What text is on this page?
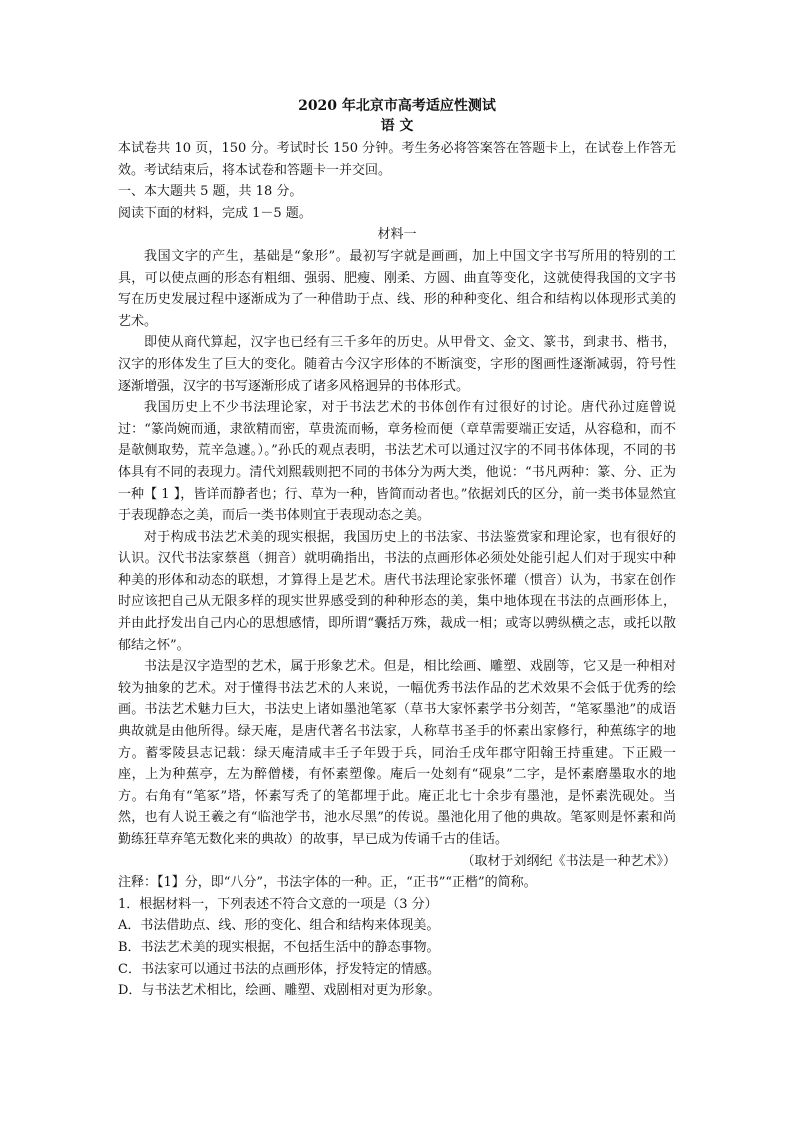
2020 年北京市高考适应性测试

语 文

本试卷共 10 页，150 分。考试时长 150 分钟。考生务必将答案答在答题卡上，在试卷上作答无效。考试结束后，将本试卷和答题卡一并交回。

一、本大题共 5 题，共 18 分。

阅读下面的材料，完成 1－5 题。

材料一

我国文字的产生，基础是“象形”。最初写字就是画画，加上中国文字书写所用的特别的工具，可以使点画的形态有粗细、强弱、肥瘦、刚柔、方圆、曲直等变化，这就使得我国的文字书写在历史发展过程中逐渐成为了一种借助于点、线、形的种种变化、组合和结构以体现形式美的艺术。

即使从商代算起，汉字也已经有三千多年的历史。从甲骨文、金文、篆书，到隶书、楷书，汉字的形体发生了巨大的变化。随着古今汉字形体的不断演变，字形的图画性逐渐减弱，符号性逐渐增强，汉字的书写逐渐形成了诸多风格迥异的书体形式。

我国历史上不少书法理论家，对于书法艺术的书体创作有过很好的讨论。唐代孙过庭曾说过：“篆尚婉而通，隶欲精而密，草贵流而畅，章务检而便（章草需要端正安适，从容稳和，而不是欹侧取势，荒辛急遽。）。”孙氏的观点表明，书法艺术可以通过汉字的不同书体体现，不同的书体具有不同的表现力。清代刘熙载则把不同的书体分为两大类，他说：“书凡两种：篆、分、正为一种【 1 】，皆详而静者也；行、草为一种，皆简而动者也。”依据刘氏的区分，前一类书体显然宜于表现静态之美，而后一类书体则宜于表现动态之美。

对于构成书法艺术美的现实根据，我国历史上的书法家、书法鉴赏家和理论家，也有很好的认识。汉代书法家蔡邕（拥音）就明确指出，书法的点画形体必须处处能引起人们对于现实中种种美的形体和动态的联想，才算得上是艺术。唐代书法理论家张怀瓘（惯音）认为，书家在创作时应该把自己从无限多样的现实世界感受到的种种形态的美，集中地体现在书法的点画形体上，并由此抒发出自己内心的思想感情，即所谓“囊括万殊，裁成一相；或寄以骋纵横之志，或托以散郁结之怀”。

书法是汉字造型的艺术，属于形象艺术。但是，相比绘画、雕塑、戏剧等，它又是一种相对较为抽象的艺术。对于懂得书法艺术的人来说，一幅优秀书法作品的艺术效果不会低于优秀的绘画。书法艺术魅力巨大，书法史上诸如墨池笔冢（草书大家怀素学书分刻苦，“笔冢墨池”的成语典故就是由他所得。绿天庵，是唐代著名书法家，人称草书圣手的怀素出家修行，种蕉练字的地方。蓄零陵县志记载：绿天庵清咸丰壬子年毁于兵，同治壬戌年郡守阳翰王持重建。下正殿一座，上为种蕉亭，左为醉僧楼，有怀素塑像。庵后一处刻有“砚泉”二字，是怀素磨墨取水的地方。右角有“笔冢”塔，怀素写秃了的笔都埋于此。庵正北七十余步有墨池，是怀素洗砚处。当然，也有人说王羲之有“临池学书，池水尽黑”的传说。墨池化用了他的典故。笔冢则是怀素和尚勤练狂草弃笔无数化来的典故）的故事，早已成为传诵千古的佳话。

（取材于刘纲纪《书法是一种艺术》）

注释：【1】分，即“八分”，书法字体的一种。正，“正书”“正楷”的简称。

1．根据材料一，下列表述不符合文意的一项是（3 分）

A．书法借助点、线、形的变化、组合和结构来体现美。

B．书法艺术美的现实根据，不包括生活中的静态事物。

C．书法家可以通过书法的点画形体，抒发特定的情感。

D．与书法艺术相比，绘画、雕塑、戏剧相对更为形象。
